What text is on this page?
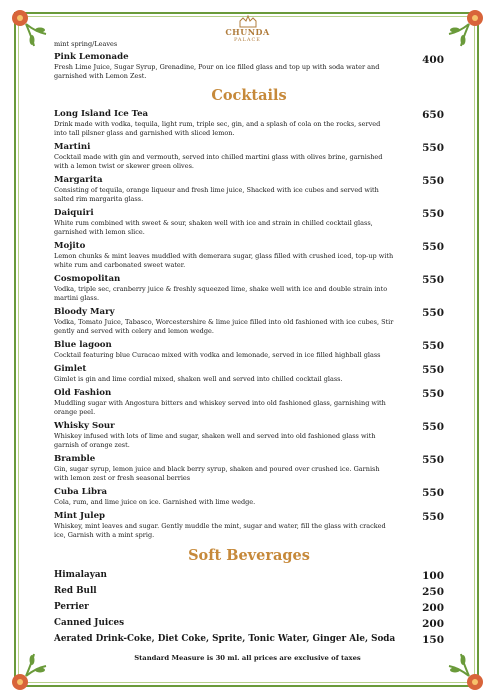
CHUNDA
PALACE
mint spring/Leaves
Pink Lemonade
Fresh Lime Juice, Sugar Syrup, Grenadine, Pour on ice filled glass and top up with soda water and garnished with Lemon Zest.
400
Cocktails
Long Island Ice Tea
Drink made with vodka, tequila, light rum, triple sec, gin, and a splash of cola on the rocks, served into tall pilsner glass and garnished with sliced lemon.
650
Martini
Cocktail made with gin and vermouth, served into chilled martini glass with olives brine, garnished with a lemon twist or skewer green olives.
550
Margarita
Consisting of tequila, orange liqueur and fresh lime juice, Shacked with ice cubes and served with salted rim margarita glass.
550
Daiquiri
White rum combined with sweet & sour, shaken well with ice and strain in chilled cocktail glass, garnished with lemon slice.
550
Mojito
Lemon chunks & mint leaves muddled with demerara sugar, glass filled with crushed iced, top-up with white rum and carbonated sweet water.
550
Cosmopolitan
Vodka, triple sec, cranberry juice & freshly squeezed lime, shake well with ice and double strain into martini glass.
550
Bloody Mary
Vodka, Tomato Juice, Tabasco, Worcestershire & lime juice filled into old fashioned with ice cubes, Stir gently and served with celery and lemon wedge.
550
Blue lagoon
Cocktail featuring blue Curacao mixed with vodka and lemonade, served in ice filled highball glass
550
Gimlet
Gimlet is gin and lime cordial mixed, shaken well and served into chilled cocktail glass.
550
Old Fashion
Muddling sugar with Angostura bitters and whiskey served into old fashioned glass, garnishing with orange peel.
550
Whisky Sour
Whiskey infused with lots of lime and sugar, shaken well and served into old fashioned glass with garnish of orange zest.
550
Bramble
Gin, sugar syrup, lemon juice and black berry syrup, shaken and poured over crushed ice. Garnish with lemon zest or fresh seasonal berries
550
Cuba Libra
Cola, rum, and lime juice on ice. Garnished with lime wedge.
550
Mint Julep
Whiskey, mint leaves and sugar. Gently muddle the mint, sugar and water, fill the glass with cracked ice, Garnish with a mint sprig.
550
Soft Beverages
Himalayan	100
Red Bull	250
Perrier	200
Canned Juices	200
Aerated Drink-Coke, Diet Coke, Sprite, Tonic Water, Ginger Ale, Soda	150
Standard Measure is 30 ml. all prices are exclusive of taxes
